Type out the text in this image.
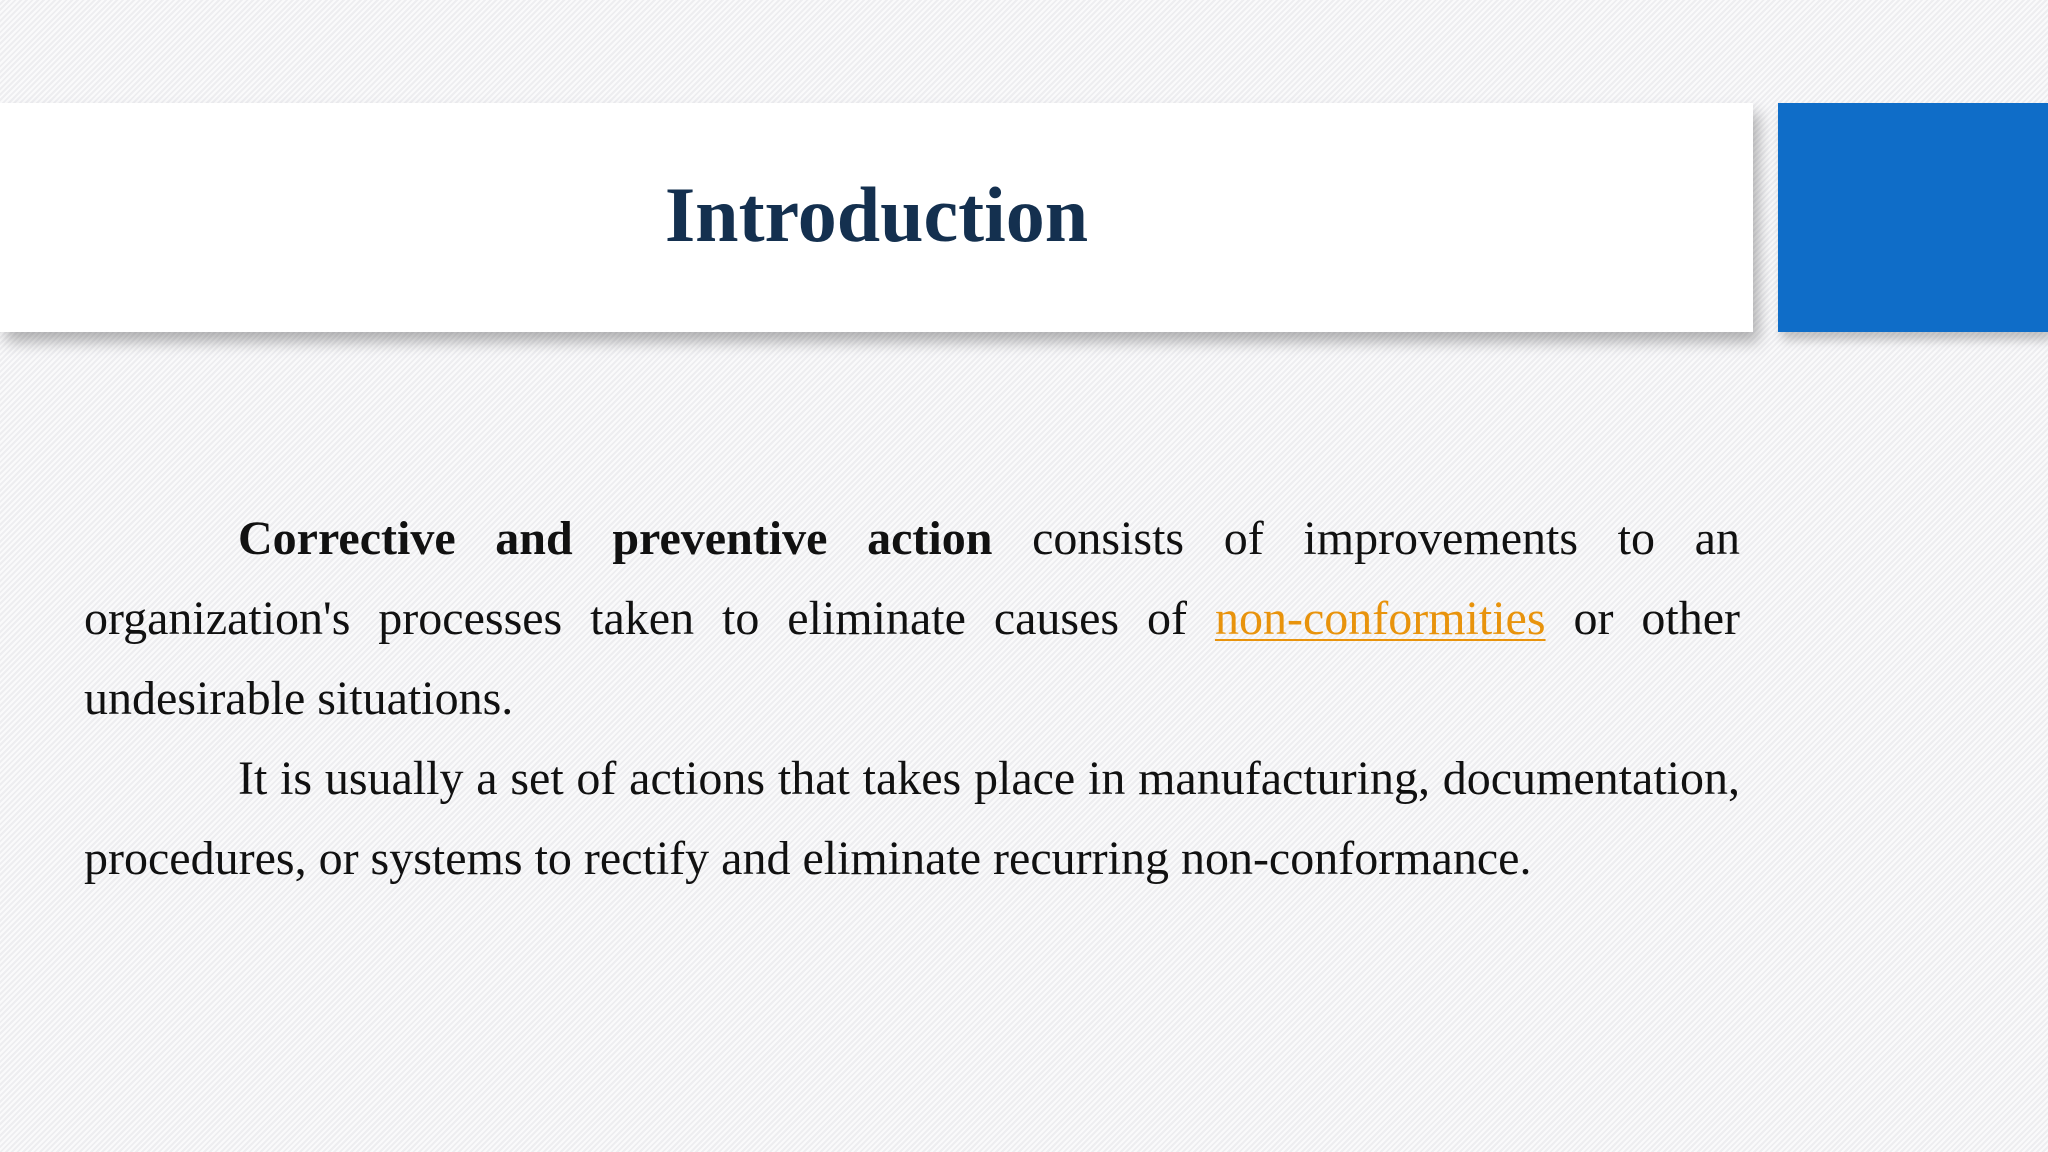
Introduction

Corrective and preventive action consists of improvements to an organization's processes taken to eliminate causes of non-conformities or other undesirable situations.

It is usually a set of actions that takes place in manufacturing, documentation, procedures, or systems to rectify and eliminate recurring non-conformance.
